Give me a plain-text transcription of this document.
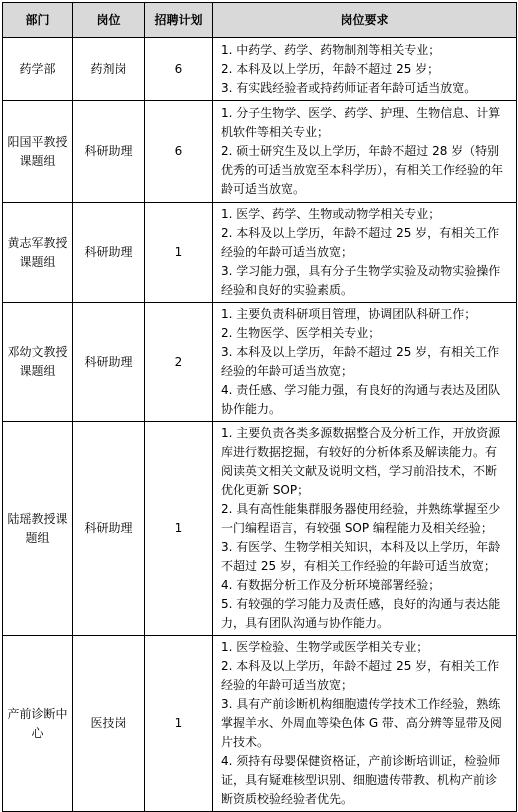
部门	岗位	招聘计划	岗位要求
药学部	药剂岗	6	1. 中药学、药学、药物制剂等相关专业；
2. 本科及以上学历，年龄不超过 25 岁；
3. 有实践经验者或持药师证者年龄可适当放宽。

阳国平教授课题组	科研助理	6	1. 分子生物学、医学、药学、护理、生物信息、计算机软件等相关专业；
2. 硕士研究生及以上学历，年龄不超过 28 岁（特别优秀的可适当放宽至本科学历），有相关工作经验的年龄可适当放宽。

黄志军教授课题组	科研助理	1	1. 医学、药学、生物或动物学相关专业；
2. 本科及以上学历，年龄不超过 25 岁，有相关工作经验的年龄可适当放宽；
3. 学习能力强，具有分子生物学实验及动物实验操作经验和良好的实验素质。

邓幼文教授课题组	科研助理	2	1. 主要负责科研项目管理，协调团队科研工作；
2. 生物医学、医学相关专业；
3. 本科及以上学历，年龄不超过 25 岁，有相关工作经验的年龄可适当放宽；
4. 责任感、学习能力强，有良好的沟通与表达及团队协作能力。

陆瑶教授课题组	科研助理	1	1. 主要负责各类多源数据整合及分析工作，开放资源库进行数据挖掘，有较好的分析体系及解读能力。有阅读英文相关文献及说明文档，学习前沿技术，不断优化更新 SOP；
2. 具有高性能集群服务器使用经验，并熟练掌握至少一门编程语言，有较强 SOP 编程能力及相关经验；
3. 有医学、生物学相关知识，本科及以上学历，年龄不超过 25 岁，有相关工作经验的年龄可适当放宽；
4. 有数据分析工作及分析环境部署经验；
5. 有较强的学习能力及责任感，良好的沟通与表达能力，具有团队沟通与协作能力。

产前诊断中心	医技岗	1	1. 医学检验、生物学或医学相关专业；
2. 本科及以上学历，年龄不超过 25 岁，有相关工作经验的年龄可适当放宽；
3. 具有产前诊断机构细胞遗传学技术工作经验，熟练掌握羊水、外周血等染色体 G 带、高分辨等显带及阅片技术。
4. 须持有母婴保健资格证，产前诊断培训证，检验师证，具有疑难核型识别、细胞遗传带教、机构产前诊断资质校验经验者优先。
